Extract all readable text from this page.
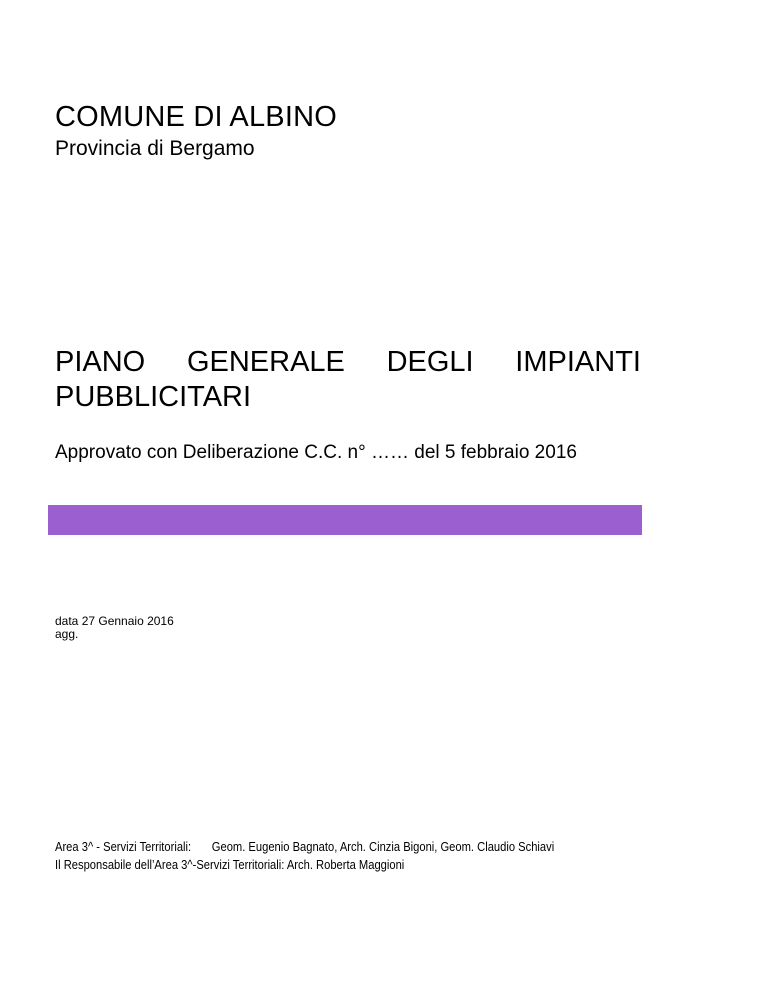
COMUNE DI ALBINO
Provincia di Bergamo
PIANO GENERALE DEGLI IMPIANTI
PUBBLICITARI
Approvato con Deliberazione C.C. n° …… del 5 febbraio 2016
data 27 Gennaio 2016
agg.
Area 3^ - Servizi Territoriali: Geom. Eugenio Bagnato, Arch. Cinzia Bigoni, Geom. Claudio Schiavi
Il Responsabile dell’Area 3^-Servizi Territoriali: Arch. Roberta Maggioni
